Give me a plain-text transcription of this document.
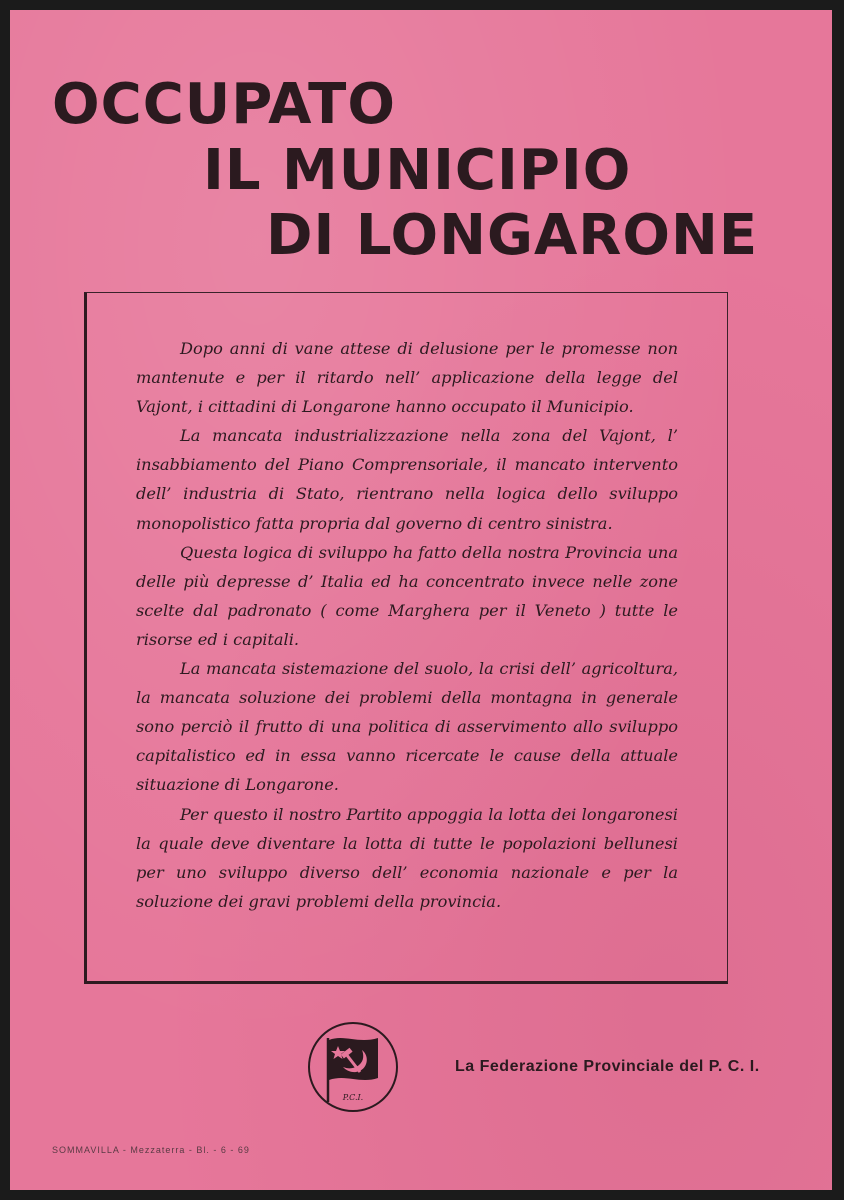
OCCUPATO
IL MUNICIPIO
DI LONGARONE

Dopo anni di vane attese di delusione per le promesse non mantenute e per il ritardo nell’ applicazione della legge del Vajont, i cittadini di Longarone hanno occupato il Municipio.

La mancata industrializzazione nella zona del Vajont, l’ insabbiamento del Piano Comprensoriale, il mancato intervento dell’ industria di Stato, rientrano nella logica dello sviluppo monopolistico fatta propria dal governo di centro sinistra.

Questa logica di sviluppo ha fatto della nostra Provincia una delle più depresse d’ Italia ed ha concentrato invece nelle zone scelte dal padronato ( come Marghera per il Veneto ) tutte le risorse ed i capitali.

La mancata sistemazione del suolo, la crisi dell’ agricoltura, la mancata soluzione dei problemi della montagna in generale sono perciò il frutto di una politica di asservimento allo sviluppo capitalistico ed in essa vanno ricercate le cause della attuale situazione di Longarone.

Per questo il nostro Partito appoggia la lotta dei longaronesi la quale deve diventare la lotta di tutte le popolazioni bellunesi per uno sviluppo diverso dell’ economia nazionale e per la soluzione dei gravi problemi della provincia.

P.C.I.
La Federazione Provinciale del P. C. I.
SOMMAVILLA - Mezzaterra - Bl. - 6 - 69
